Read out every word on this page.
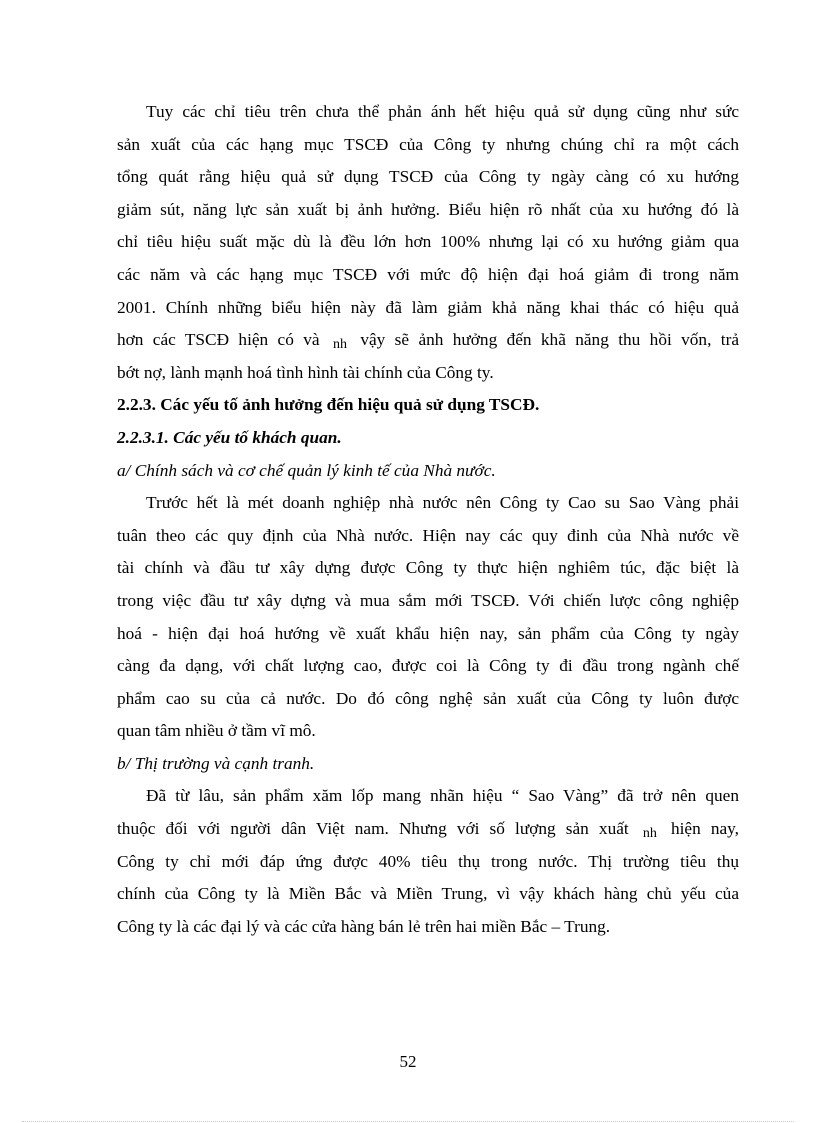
Tuy các chỉ tiêu trên chưa thể phản ánh hết hiệu quả sử dụng cũng như sức
sản xuất của các hạng mục TSCĐ của Công ty nhưng chúng chỉ ra một cách
tổng quát rằng hiệu quả sử dụng TSCĐ của Công ty ngày càng có xu hướng
giảm sút, năng lực sản xuất bị ảnh hưởng. Biểu hiện rõ nhất của xu hướng đó là
chỉ tiêu hiệu suất mặc dù là đều lớn hơn 100% nhưng lại có xu hướng giảm qua
các năm và các hạng mục TSCĐ với mức độ hiện đại hoá giảm đi trong năm
2001. Chính những biểu hiện này đã làm giảm khả năng khai thác có hiệu quả
hơn các TSCĐ hiện có và nh vậy sẽ ảnh hưởng đến khã năng thu hồi vốn, trả
bớt nợ, lành mạnh hoá tình hình tài chính của Công ty.
2.2.3. Các yếu tố ảnh hưởng đến hiệu quả sử dụng TSCĐ.
2.2.3.1. Các yếu tố khách quan.
a/ Chính sách và cơ chế quản lý kinh tế của Nhà nước.
Trước hết là mét doanh nghiệp nhà nước nên Công ty Cao su Sao Vàng phải
tuân theo các quy định của Nhà nước. Hiện nay các quy đinh của Nhà nước về
tài chính và đầu tư xây dựng được Công ty thực hiện nghiêm túc, đặc biệt là
trong việc đầu tư xây dựng và mua sắm mới TSCĐ. Với chiến lược công nghiệp
hoá - hiện đại hoá hướng về xuất khẩu hiện nay, sản phẩm của Công ty ngày
càng đa dạng, với chất lượng cao, được coi là Công ty đi đầu trong ngành chế
phẩm cao su của cả nước. Do đó công nghệ sản xuất của Công ty luôn được
quan tâm nhiều ở tầm vĩ mô.
b/ Thị trường và cạnh tranh.
Đã từ lâu, sản phẩm xăm lốp mang nhãn hiệu “ Sao Vàng” đã trở nên quen
thuộc đối với người dân Việt nam. Nhưng với số lượng sản xuất nh hiện nay,
Công ty chỉ mới đáp ứng được 40% tiêu thụ trong nước. Thị trường tiêu thụ
chính của Công ty là Miền Bắc và Miền Trung, vì vậy khách hàng chủ yếu của
Công ty là các đại lý và các cửa hàng bán lẻ trên hai miền Bắc – Trung.
52
